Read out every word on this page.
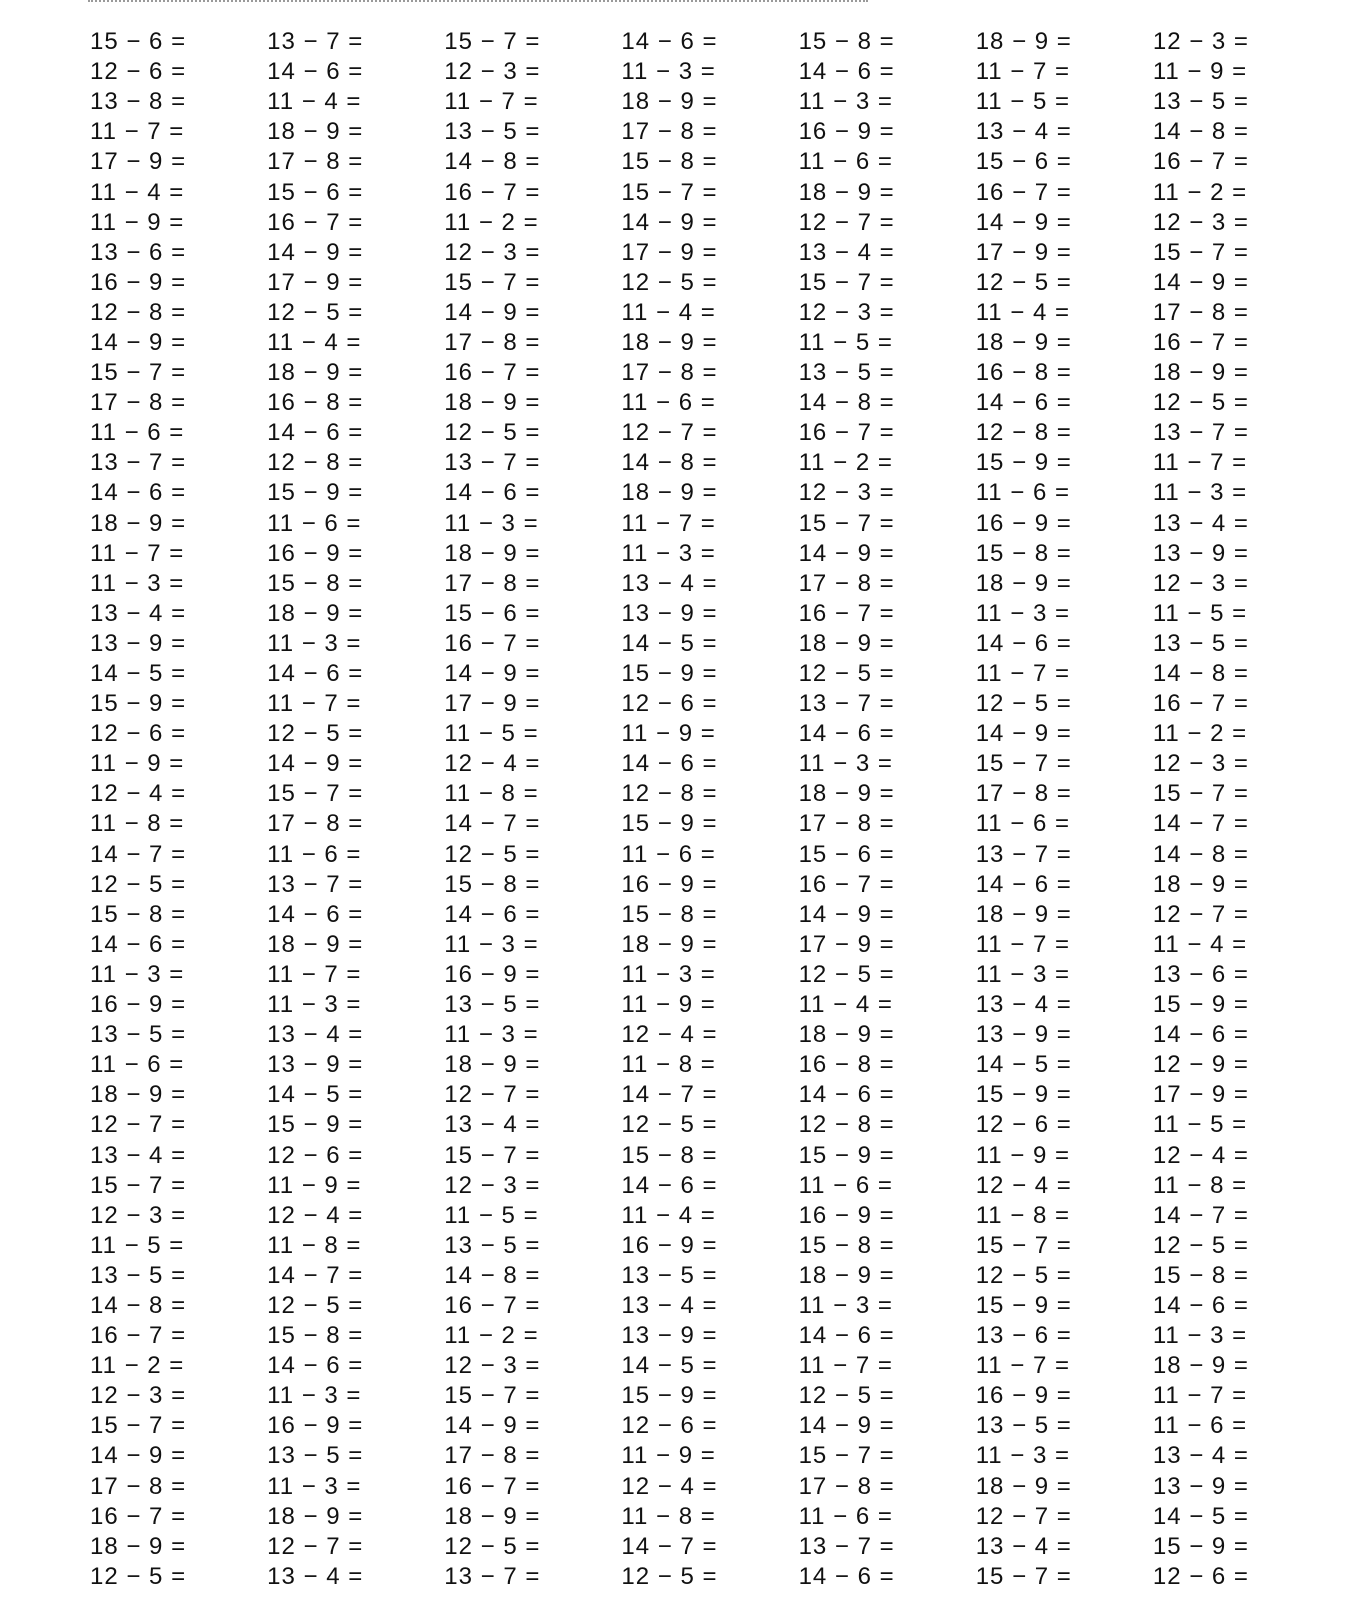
15 − 6 =	13 − 7 =	15 − 7 =	14 − 6 =	15 − 8 =	18 − 9 =	12 − 3 =
12 − 6 =	14 − 6 =	12 − 3 =	11 − 3 =	14 − 6 =	11 − 7 =	11 − 9 =
13 − 8 =	11 − 4 =	11 − 7 =	18 − 9 =	11 − 3 =	11 − 5 =	13 − 5 =
11 − 7 =	18 − 9 =	13 − 5 =	17 − 8 =	16 − 9 =	13 − 4 =	14 − 8 =
17 − 9 =	17 − 8 =	14 − 8 =	15 − 8 =	11 − 6 =	15 − 6 =	16 − 7 =
11 − 4 =	15 − 6 =	16 − 7 =	15 − 7 =	18 − 9 =	16 − 7 =	11 − 2 =
11 − 9 =	16 − 7 =	11 − 2 =	14 − 9 =	12 − 7 =	14 − 9 =	12 − 3 =
13 − 6 =	14 − 9 =	12 − 3 =	17 − 9 =	13 − 4 =	17 − 9 =	15 − 7 =
16 − 9 =	17 − 9 =	15 − 7 =	12 − 5 =	15 − 7 =	12 − 5 =	14 − 9 =
12 − 8 =	12 − 5 =	14 − 9 =	11 − 4 =	12 − 3 =	11 − 4 =	17 − 8 =
14 − 9 =	11 − 4 =	17 − 8 =	18 − 9 =	11 − 5 =	18 − 9 =	16 − 7 =
15 − 7 =	18 − 9 =	16 − 7 =	17 − 8 =	13 − 5 =	16 − 8 =	18 − 9 =
17 − 8 =	16 − 8 =	18 − 9 =	11 − 6 =	14 − 8 =	14 − 6 =	12 − 5 =
11 − 6 =	14 − 6 =	12 − 5 =	12 − 7 =	16 − 7 =	12 − 8 =	13 − 7 =
13 − 7 =	12 − 8 =	13 − 7 =	14 − 8 =	11 − 2 =	15 − 9 =	11 − 7 =
14 − 6 =	15 − 9 =	14 − 6 =	18 − 9 =	12 − 3 =	11 − 6 =	11 − 3 =
18 − 9 =	11 − 6 =	11 − 3 =	11 − 7 =	15 − 7 =	16 − 9 =	13 − 4 =
11 − 7 =	16 − 9 =	18 − 9 =	11 − 3 =	14 − 9 =	15 − 8 =	13 − 9 =
11 − 3 =	15 − 8 =	17 − 8 =	13 − 4 =	17 − 8 =	18 − 9 =	12 − 3 =
13 − 4 =	18 − 9 =	15 − 6 =	13 − 9 =	16 − 7 =	11 − 3 =	11 − 5 =
13 − 9 =	11 − 3 =	16 − 7 =	14 − 5 =	18 − 9 =	14 − 6 =	13 − 5 =
14 − 5 =	14 − 6 =	14 − 9 =	15 − 9 =	12 − 5 =	11 − 7 =	14 − 8 =
15 − 9 =	11 − 7 =	17 − 9 =	12 − 6 =	13 − 7 =	12 − 5 =	16 − 7 =
12 − 6 =	12 − 5 =	11 − 5 =	11 − 9 =	14 − 6 =	14 − 9 =	11 − 2 =
11 − 9 =	14 − 9 =	12 − 4 =	14 − 6 =	11 − 3 =	15 − 7 =	12 − 3 =
12 − 4 =	15 − 7 =	11 − 8 =	12 − 8 =	18 − 9 =	17 − 8 =	15 − 7 =
11 − 8 =	17 − 8 =	14 − 7 =	15 − 9 =	17 − 8 =	11 − 6 =	14 − 7 =
14 − 7 =	11 − 6 =	12 − 5 =	11 − 6 =	15 − 6 =	13 − 7 =	14 − 8 =
12 − 5 =	13 − 7 =	15 − 8 =	16 − 9 =	16 − 7 =	14 − 6 =	18 − 9 =
15 − 8 =	14 − 6 =	14 − 6 =	15 − 8 =	14 − 9 =	18 − 9 =	12 − 7 =
14 − 6 =	18 − 9 =	11 − 3 =	18 − 9 =	17 − 9 =	11 − 7 =	11 − 4 =
11 − 3 =	11 − 7 =	16 − 9 =	11 − 3 =	12 − 5 =	11 − 3 =	13 − 6 =
16 − 9 =	11 − 3 =	13 − 5 =	11 − 9 =	11 − 4 =	13 − 4 =	15 − 9 =
13 − 5 =	13 − 4 =	11 − 3 =	12 − 4 =	18 − 9 =	13 − 9 =	14 − 6 =
11 − 6 =	13 − 9 =	18 − 9 =	11 − 8 =	16 − 8 =	14 − 5 =	12 − 9 =
18 − 9 =	14 − 5 =	12 − 7 =	14 − 7 =	14 − 6 =	15 − 9 =	17 − 9 =
12 − 7 =	15 − 9 =	13 − 4 =	12 − 5 =	12 − 8 =	12 − 6 =	11 − 5 =
13 − 4 =	12 − 6 =	15 − 7 =	15 − 8 =	15 − 9 =	11 − 9 =	12 − 4 =
15 − 7 =	11 − 9 =	12 − 3 =	14 − 6 =	11 − 6 =	12 − 4 =	11 − 8 =
12 − 3 =	12 − 4 =	11 − 5 =	11 − 4 =	16 − 9 =	11 − 8 =	14 − 7 =
11 − 5 =	11 − 8 =	13 − 5 =	16 − 9 =	15 − 8 =	15 − 7 =	12 − 5 =
13 − 5 =	14 − 7 =	14 − 8 =	13 − 5 =	18 − 9 =	12 − 5 =	15 − 8 =
14 − 8 =	12 − 5 =	16 − 7 =	13 − 4 =	11 − 3 =	15 − 9 =	14 − 6 =
16 − 7 =	15 − 8 =	11 − 2 =	13 − 9 =	14 − 6 =	13 − 6 =	11 − 3 =
11 − 2 =	14 − 6 =	12 − 3 =	14 − 5 =	11 − 7 =	11 − 7 =	18 − 9 =
12 − 3 =	11 − 3 =	15 − 7 =	15 − 9 =	12 − 5 =	16 − 9 =	11 − 7 =
15 − 7 =	16 − 9 =	14 − 9 =	12 − 6 =	14 − 9 =	13 − 5 =	11 − 6 =
14 − 9 =	13 − 5 =	17 − 8 =	11 − 9 =	15 − 7 =	11 − 3 =	13 − 4 =
17 − 8 =	11 − 3 =	16 − 7 =	12 − 4 =	17 − 8 =	18 − 9 =	13 − 9 =
16 − 7 =	18 − 9 =	18 − 9 =	11 − 8 =	11 − 6 =	12 − 7 =	14 − 5 =
18 − 9 =	12 − 7 =	12 − 5 =	14 − 7 =	13 − 7 =	13 − 4 =	15 − 9 =
12 − 5 =	13 − 4 =	13 − 7 =	12 − 5 =	14 − 6 =	15 − 7 =	12 − 6 =
